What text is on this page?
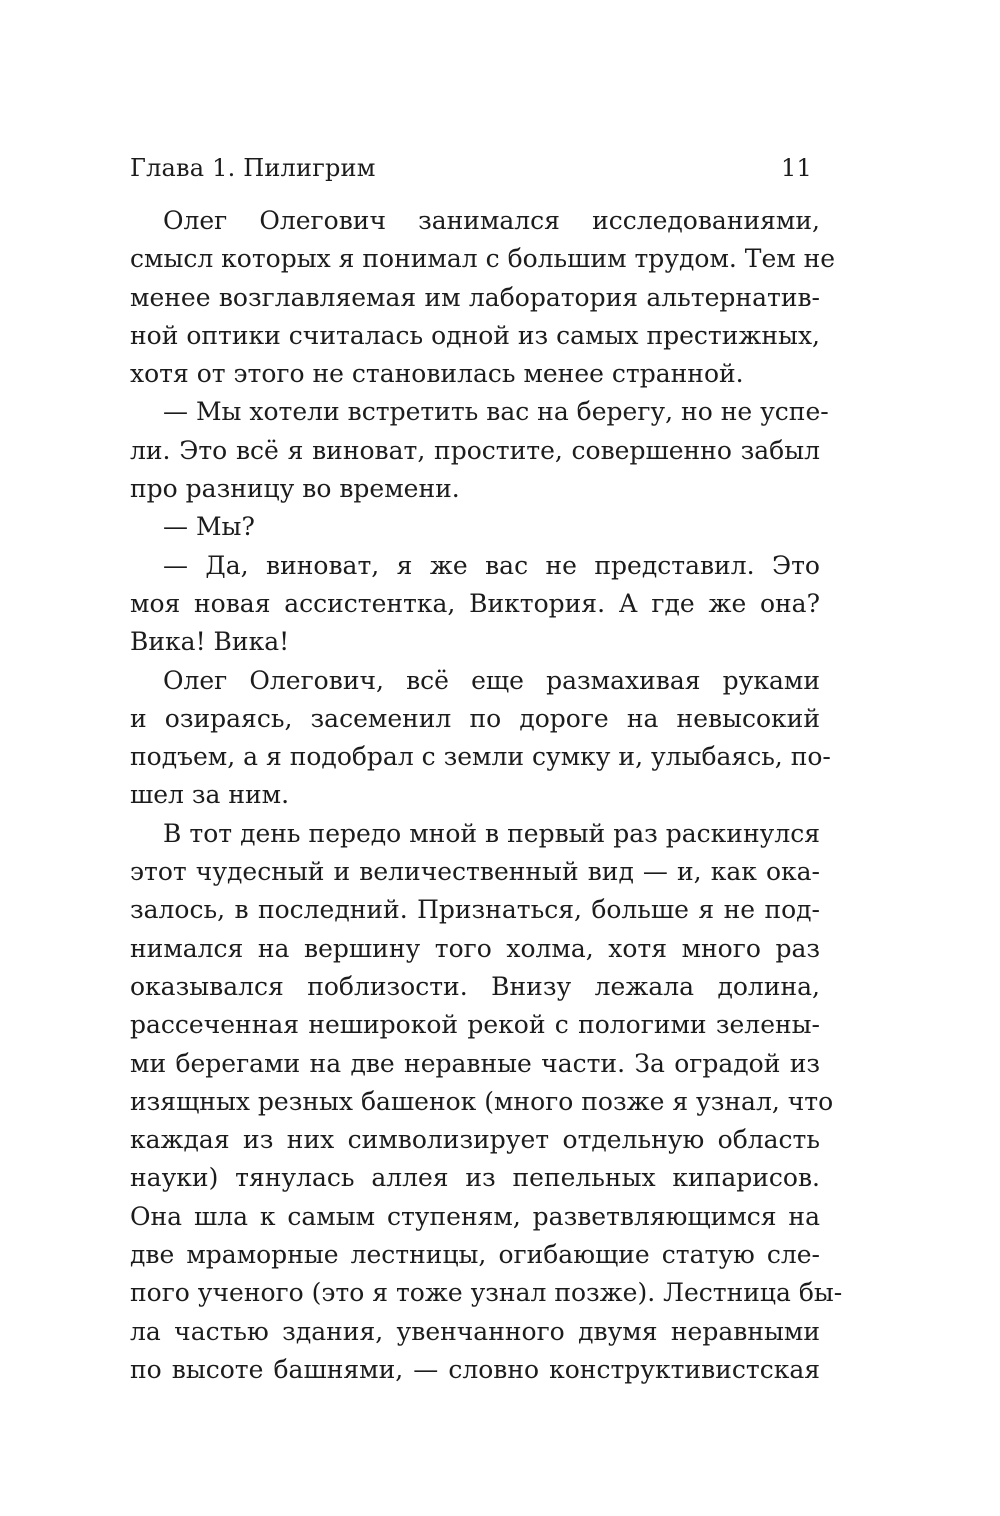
Глава 1. Пилигрим	11
Олег Олегович занимался исследованиями,
смысл которых я понимал с большим трудом. Тем не
менее возглавляемая им лаборатория альтернатив-
ной оптики считалась одной из самых престижных,
хотя от этого не становилась менее странной.
— Мы хотели встретить вас на берегу, но не успе-
ли. Это всё я виноват, простите, совершенно забыл
про разницу во времени.
— Мы?
— Да, виноват, я же вас не представил. Это
моя новая ассистентка, Виктория. А где же она?
Вика! Вика!
Олег Олегович, всё еще размахивая руками
и озираясь, засеменил по дороге на невысокий
подъем, а я подобрал с земли сумку и, улыбаясь, по-
шел за ним.
В тот день передо мной в первый раз раскинулся
этот чудесный и величественный вид — и, как ока-
залось, в последний. Признаться, больше я не под-
нимался на вершину того холма, хотя много раз
оказывался поблизости. Внизу лежала долина,
рассеченная неширокой рекой с пологими зелены-
ми берегами на две неравные части. За оградой из
изящных резных башенок (много позже я узнал, что
каждая из них символизирует отдельную область
науки) тянулась аллея из пепельных кипарисов.
Она шла к самым ступеням, разветвляющимся на
две мраморные лестницы, огибающие статую сле-
пого ученого (это я тоже узнал позже). Лестница бы-
ла частью здания, увенчанного двумя неравными
по высоте башнями, — словно конструктивистская
